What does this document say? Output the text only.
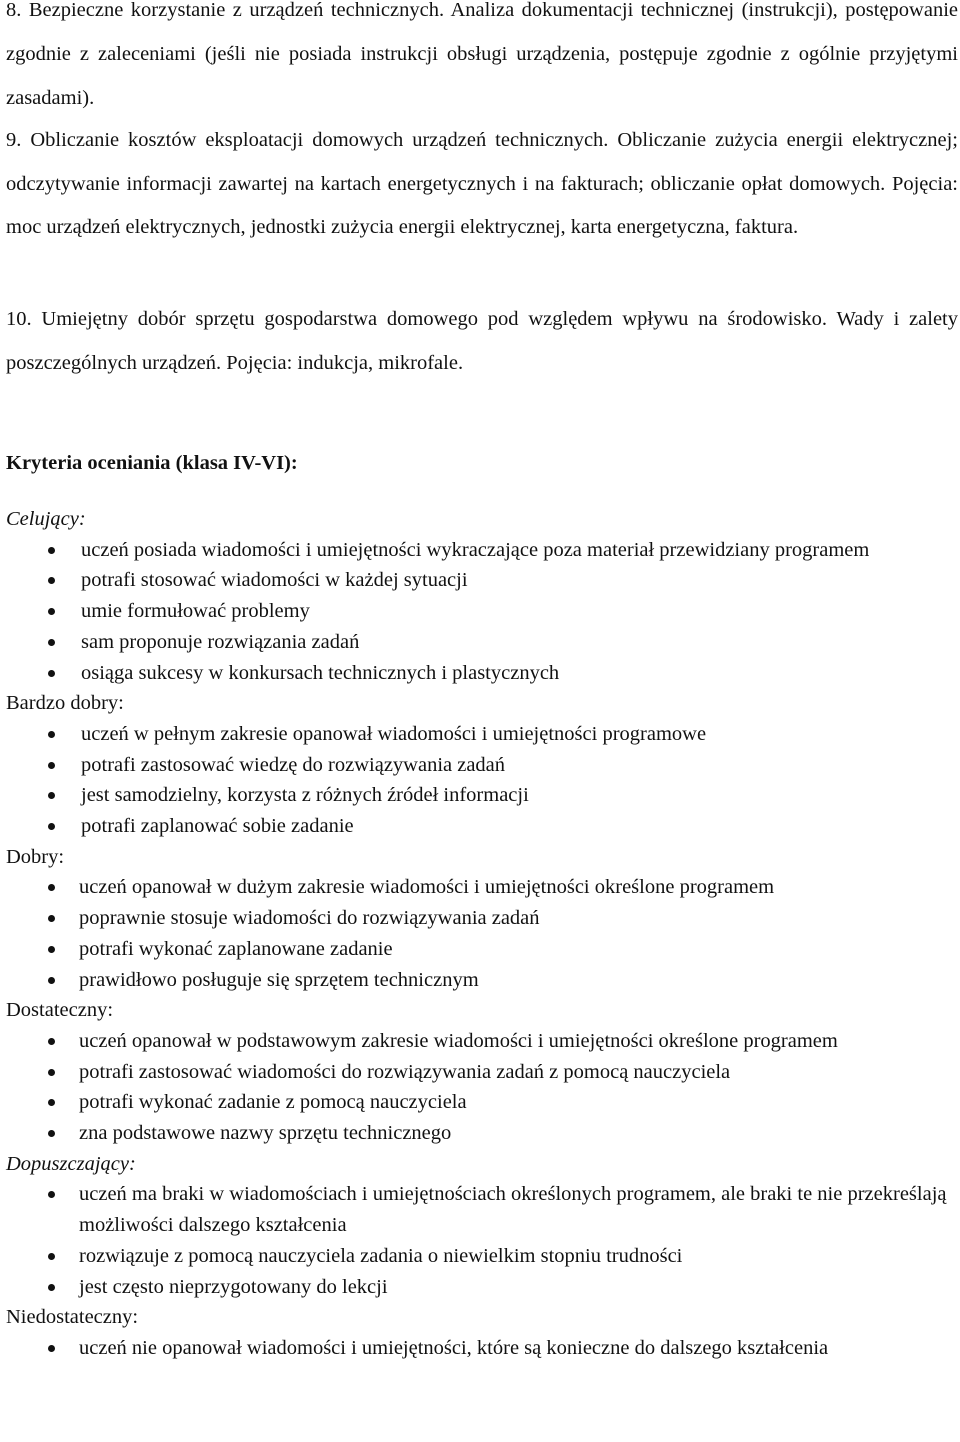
8. Bezpieczne korzystanie z urządzeń technicznych. Analiza dokumentacji technicznej (instrukcji), postępowanie zgodnie z zaleceniami (jeśli nie posiada instrukcji obsługi urządzenia, postępuje zgodnie z ogólnie przyjętymi zasadami).

9. Obliczanie kosztów eksploatacji domowych urządzeń technicznych. Obliczanie zużycia energii elektrycznej; odczytywanie informacji zawartej na kartach energetycznych i na fakturach; obliczanie opłat domowych. Pojęcia: moc urządzeń elektrycznych, jednostki zużycia energii elektrycznej, karta energetyczna, faktura.

10. Umiejętny dobór sprzętu gospodarstwa domowego pod względem wpływu na środowisko. Wady i zalety poszczególnych urządzeń. Pojęcia: indukcja, mikrofale.

Kryteria oceniania (klasa IV-VI):
Celujący:
uczeń posiada wiadomości i umiejętności wykraczające poza materiał przewidziany programem
potrafi stosować wiadomości w każdej sytuacji
umie formułować problemy
sam proponuje rozwiązania zadań
osiąga sukcesy w konkursach technicznych i plastycznych
Bardzo dobry:
uczeń w pełnym zakresie opanował wiadomości i umiejętności programowe
potrafi zastosować wiedzę do rozwiązywania zadań
jest samodzielny, korzysta z różnych źródeł informacji
potrafi zaplanować sobie zadanie
Dobry:
uczeń opanował w dużym zakresie wiadomości i umiejętności określone programem
poprawnie stosuje wiadomości do rozwiązywania zadań
potrafi wykonać zaplanowane zadanie
prawidłowo posługuje się sprzętem technicznym
Dostateczny:
uczeń opanował w podstawowym zakresie wiadomości i umiejętności określone programem
potrafi zastosować wiadomości do rozwiązywania zadań z pomocą nauczyciela
potrafi wykonać zadanie z pomocą nauczyciela
zna podstawowe nazwy sprzętu technicznego
Dopuszczający:
uczeń ma braki w wiadomościach i umiejętnościach określonych programem, ale braki te nie przekreślają możliwości dalszego kształcenia
rozwiązuje z pomocą nauczyciela zadania o niewielkim stopniu trudności
jest często nieprzygotowany do lekcji
Niedostateczny:
uczeń nie opanował wiadomości i umiejętności, które są konieczne do dalszego kształcenia
